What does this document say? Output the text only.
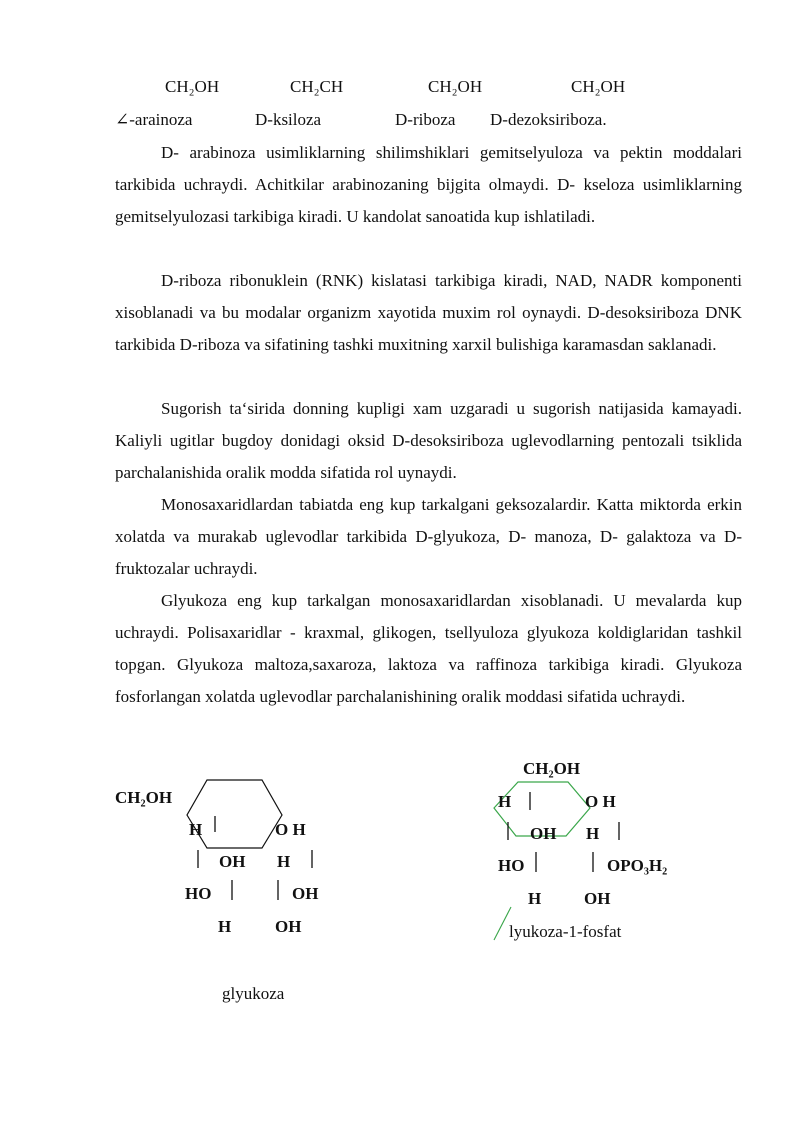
CH₂OH	CH₂CH	CH₂OH	CH₂OH
∠-arainoza	D-ksiloza	D-riboza D-dezoksiriboza.

D- arabinoza usimliklarning shilimshiklari gemitselyuloza va pektin moddalari tarkibida uchraydi. Achitkilar arabinozaning bijgita olmaydi. D- kseloza usimliklarning gemitselyulozasi tarkibiga kiradi. U kandolat sanoatida kup ishlatiladi.

D-riboza ribonuklein (RNK) kislatasi tarkibiga kiradi, NAD, NADR komponenti xisoblanadi va bu modalar organizm xayotida muxim rol oynaydi. D-desoksiriboza DNK tarkibida D-riboza va sifatining tashki muxitning xarxil bulishiga karamasdan saklanadi.

Sugorish ta‘sirida donning kupligi xam uzgaradi u sugorish natijasida kamayadi. Kaliyli ugitlar bugdoy donidagi oksid D-desoksiriboza uglevodlarning pentozali tsiklida parchalanishida oralik modda sifatida rol uynaydi.

Monosaxaridlardan tabiatda eng kup tarkalgani geksozalardir. Katta miktorda erkin xolatda va murakab uglevodlar tarkibida D-glyukoza, D- manoza, D- galaktoza va D-fruktozalar uchraydi.

Glyukoza eng kup tarkalgan monosaxaridlardan xisoblanadi. U mevalarda kup uchraydi. Polisaxaridlar - kraxmal, glikogen, tsellyuloza glyukoza koldiglaridan tashkil topgan. Glyukoza maltoza,saxaroza, laktoza va raffinoza tarkibiga kiradi. Glyukoza fosforlangan xolatda uglevodlar parchalanishining oralik moddasi sifatida uchraydi.

CH₂OH
H	O H
OH H
HO	OH
H	OH
glyukoza
CH₂OH
H	O H
OH H
HO	OPO₃H₂
H	OH
lyukoza-1-fosfat
